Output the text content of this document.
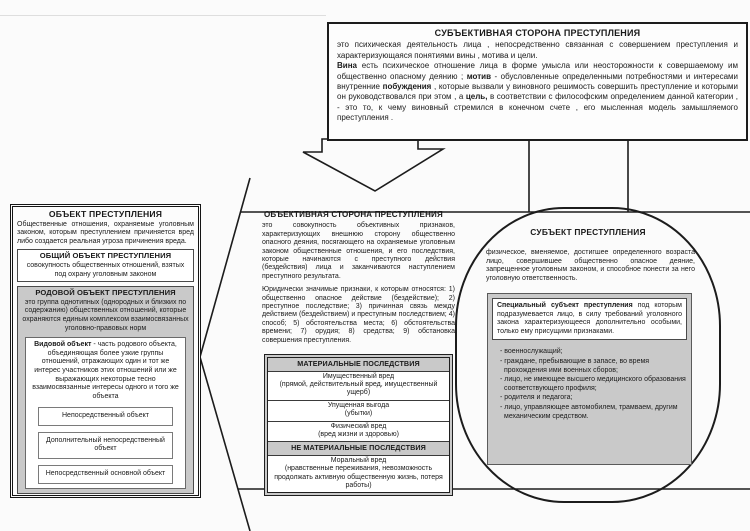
СУБЪЕКТИВНАЯ СТОРОНА ПРЕСТУПЛЕНИЯ
это психическая деятельность лица , непосредственно связанная с совершением преступления и характеризующаяся понятиями вины , мотива и цели.
Вина есть психическое отношение лица в форме умысла или неосторожности к совершаемому им общественно опасному деянию ; мотив - обусловленные определенными потребностями и интересами внутренние побуждения , которые вызвали у виновного решимость совершить преступление и которыми он руководствовался при этом , а цель, в соответствии с философским определением данной категории , - это то, к чему виновный стремился в конечном счете , его мысленная модель замышляемого преступления .
ОБЪЕКТ ПРЕСТУПЛЕНИЯ
Общественные отношения, охраняемые уголовным законом, которым преступлением причиняется вред либо создается реальная угроза причинения вреда.
ОБЩИЙ ОБЪЕКТ ПРЕСТУПЛЕНИЯ
совокупность общественных отношений, взятых под охрану уголовным законом
РОДОВОЙ ОБЪЕКТ ПРЕСТУПЛЕНИЯ
это группа однотипных (однородных и близких по содержанию) общественных отношений, которые охраняются единым комплексом взаимосвязанных уголовно-правовых норм
Видовой объект - часть родового объекта, объединяющая более узкие группы отношений, отражающих один и тот же интерес участников этих отношений или же выражающих некоторые тесно взаимосвязанные интересы одного и того же объекта
Непосредственный объект
Дополнительный непосредственный объект
Непосредственный основной объект
ОБЪЕКТИВНАЯ СТОРОНА ПРЕСТУПЛЕНИЯ

это совокупность объективных признаков, характеризующих внешнюю сторону общественно опасного деяния, посягающего на охраняемые уголовным законом общественные отношения, и его последствия, которые начинаются с преступного действия (бездействия) лица и заканчиваются наступлением преступного результата.

Юридически значимые признаки, к которым относятся: 1) общественно опасное действие (бездействие); 2) преступное последствие; 3) причинная связь между действием (бездействием) и преступным последствием; 4) способ; 5) обстоятельства места; 6) обстоятельства времени; 7) орудия; 8) средства; 9) обстановка совершения преступления.

МАТЕРИАЛЬНЫЕ ПОСЛЕДСТВИЯ
Имущественный вред
(прямой, действительный вред, имущественный ущерб)
Упущенная выгода
(убытки)
Физический вред
(вред жизни и здоровью)
НЕ МАТЕРИАЛЬНЫЕ ПОСЛЕДСТВИЯ
Моральный вред
(нравственные переживания, невозможность продолжать активную общественную жизнь, потеря работы)
СУБЪЕКТ ПРЕСТУПЛЕНИЯ
физическое, вменяемое, достигшее определенного возраста лицо, совершившее общественно опасное деяние, запрещенное уголовным законом, и способное понести за него уголовную ответственность.
Специальный субъект преступления под которым подразумевается лицо, в силу требований уголовного закона характеризующееся дополнительно особыми, только ему присущими признаками.
- военнослужащий;
- граждане, пребывающие в запасе, во время прохождения ими военных сборов;
- лицо, не имеющее высшего медицинского образования соответствующего профиля;
- родителя и педагога;
- лицо, управляющее автомобилем, трамваем, другим механическим средством.
